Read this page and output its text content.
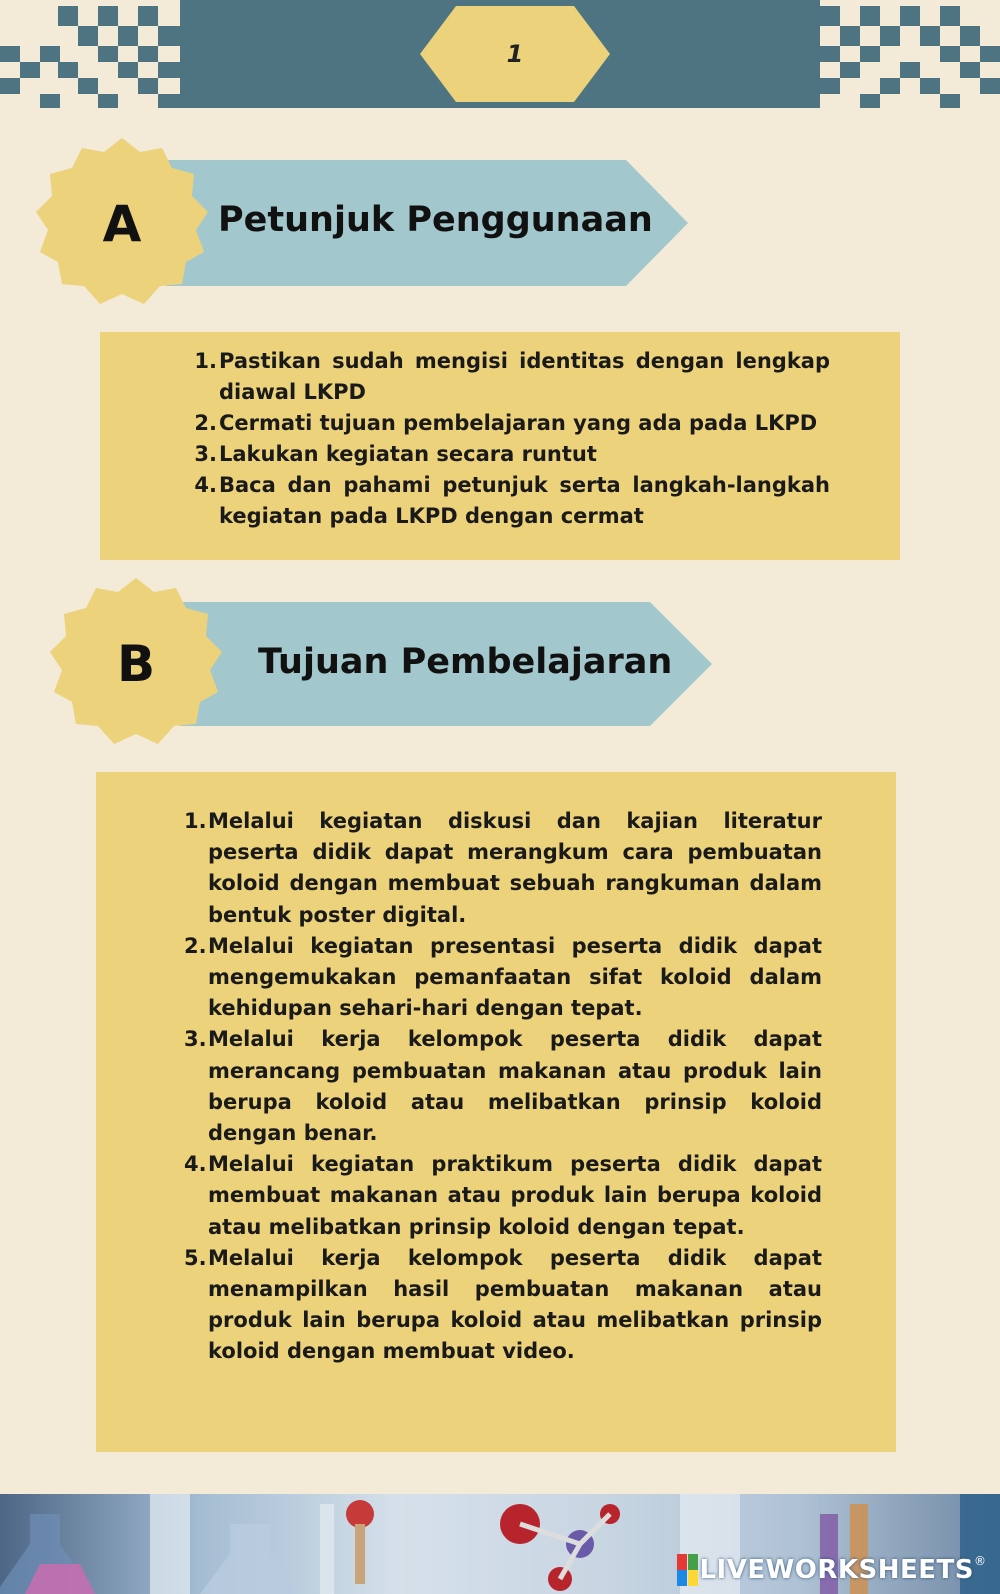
1
A	Petunjuk Penggunaan
1. Pastikan sudah mengisi identitas dengan lengkap diawal LKPD
2. Cermati tujuan pembelajaran yang ada pada LKPD
3. Lakukan kegiatan secara runtut
4. Baca dan pahami petunjuk serta langkah-langkah kegiatan pada LKPD dengan cermat
B	Tujuan Pembelajaran
1. Melalui kegiatan diskusi dan kajian literatur peserta didik dapat merangkum cara pembuatan koloid dengan membuat sebuah rangkuman dalam bentuk poster digital.
2. Melalui kegiatan presentasi peserta didik dapat mengemukakan pemanfaatan sifat koloid dalam kehidupan sehari-hari dengan tepat.
3. Melalui kerja kelompok peserta didik dapat merancang pembuatan makanan atau produk lain berupa koloid atau melibatkan prinsip koloid dengan benar.
4. Melalui kegiatan praktikum peserta didik dapat membuat makanan atau produk lain berupa koloid atau melibatkan prinsip koloid dengan tepat.
5. Melalui kerja kelompok peserta didik dapat menampilkan hasil pembuatan makanan atau produk lain berupa koloid atau melibatkan prinsip koloid dengan membuat video.
LIVEWORKSHEETS ®
